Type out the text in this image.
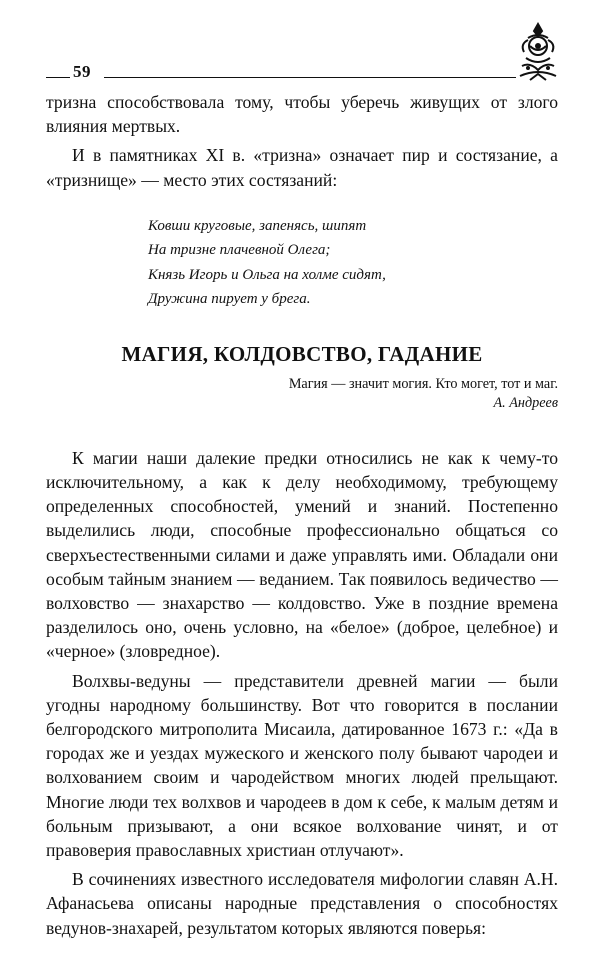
59

тризна способствовала тому, чтобы уберечь живущих от злого влияния мертвых.

И в памятниках XI в. «тризна» означает пир и состязание, а «тризнище» — место этих состязаний:

Ковши круговые, запенясь, шипят
На тризне плачевной Олега;
Князь Игорь и Ольга на холме сидят,
Дружина пирует у брега.
МАГИЯ, КОЛДОВСТВО, ГАДАНИЕ
Магия — значит могия. Кто могет, тот и маг.
А. Андреев

К магии наши далекие предки относились не как к чему-то исключительному, а как к делу необходимому, требующему определенных способностей, умений и знаний. Постепенно выделились люди, способные профессионально общаться со сверхъестественными силами и даже управлять ими. Обладали они особым тайным знанием — веданием. Так появилось ведичество — волховство — знахарство — колдовство. Уже в поздние времена разделилось оно, очень условно, на «белое» (доброе, целебное) и «черное» (зловредное).

Волхвы-ведуны — представители древней магии — были угодны народному большинству. Вот что говорится в послании белгородского митрополита Мисаила, датированное 1673 г.: «Да в городах же и уездах мужеского и женского полу бывают чародеи и волхованием своим и чародейством многих людей прельщают. Многие люди тех волхвов и чародеев в дом к себе, к малым детям и больным призывают, а они всякое волхование чинят, и от правоверия православных христиан отлучают».

В сочинениях известного исследователя мифологии славян А.Н. Афанасьева описаны народные представления о способностях ведунов-знахарей, результатом которых являются поверья:
